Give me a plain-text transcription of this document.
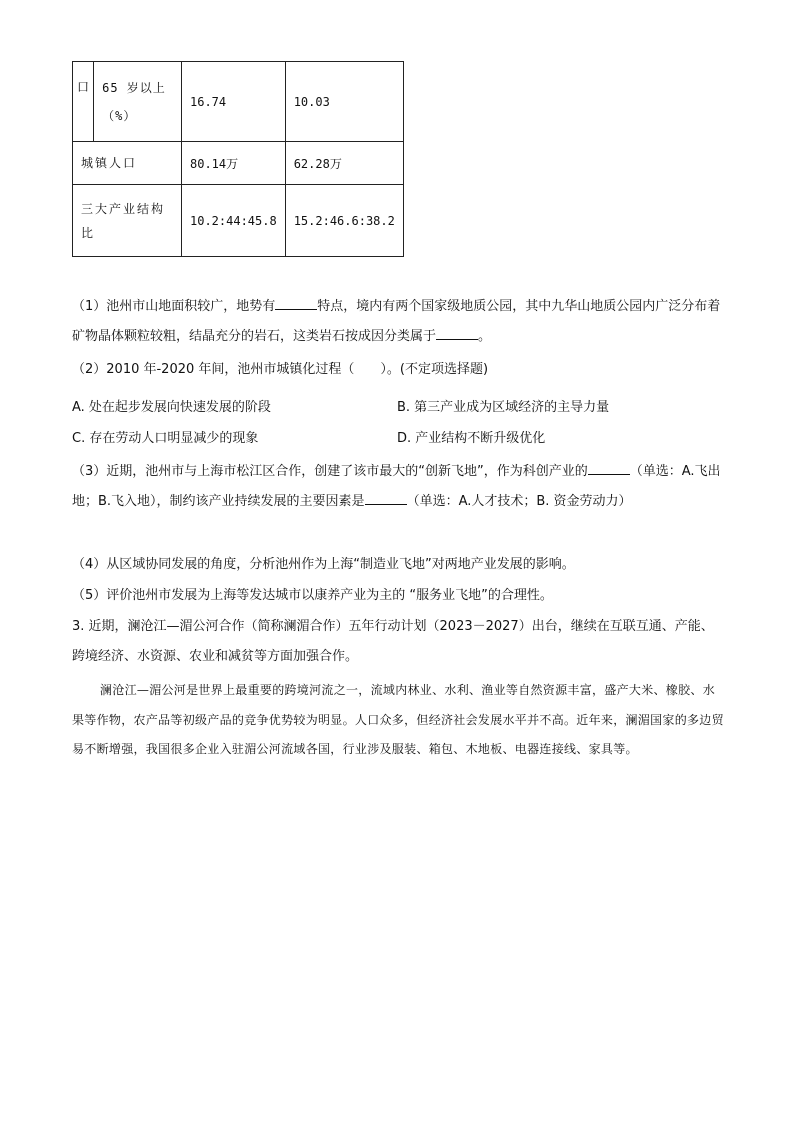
口	65 岁以上（%）	16.74	10.03
城镇人口		80.14万	62.28万
三大产业结构比		10.2:44:45.8	15.2:46.6:38.2

（1）池州市山地面积较广，地势有	特点，境内有两个国家级地质公园，其中九华山地质公园内广泛分布着矿物晶体颗粒较粗，结晶充分的岩石，这类岩石按成因分类属于	。

（2）2010 年-2020 年间，池州市城镇化过程（　　）。(不定项选择题)

A. 处在起步发展向快速发展的阶段	B. 第三产业成为区域经济的主导力量
C. 存在劳动人口明显减少的现象	D. 产业结构不断升级优化

（3）近期，池州市与上海市松江区合作，创建了该市最大的“创新飞地”，作为科创产业的	（单选：A.飞出地；B.飞入地），制约该产业持续发展的主要因素是	（单选：A.人才技术；B. 资金劳动力）

（4）从区域协同发展的角度，分析池州作为上海“制造业飞地”对两地产业发展的影响。

（5）评价池州市发展为上海等发达城市以康养产业为主的 “服务业飞地”的合理性。

3. 近期，澜沧江—湄公河合作（简称澜湄合作）五年行动计划（2023－2027）出台，继续在互联互通、产能、跨境经济、水资源、农业和减贫等方面加强合作。

澜沧江—湄公河是世界上最重要的跨境河流之一，流域内林业、水利、渔业等自然资源丰富，盛产大米、橡胶、水果等作物，农产品等初级产品的竞争优势较为明显。人口众多，但经济社会发展水平并不高。近年来，澜湄国家的多边贸易不断增强，我国很多企业入驻湄公河流域各国，行业涉及服装、箱包、木地板、电器连接线、家具等。
